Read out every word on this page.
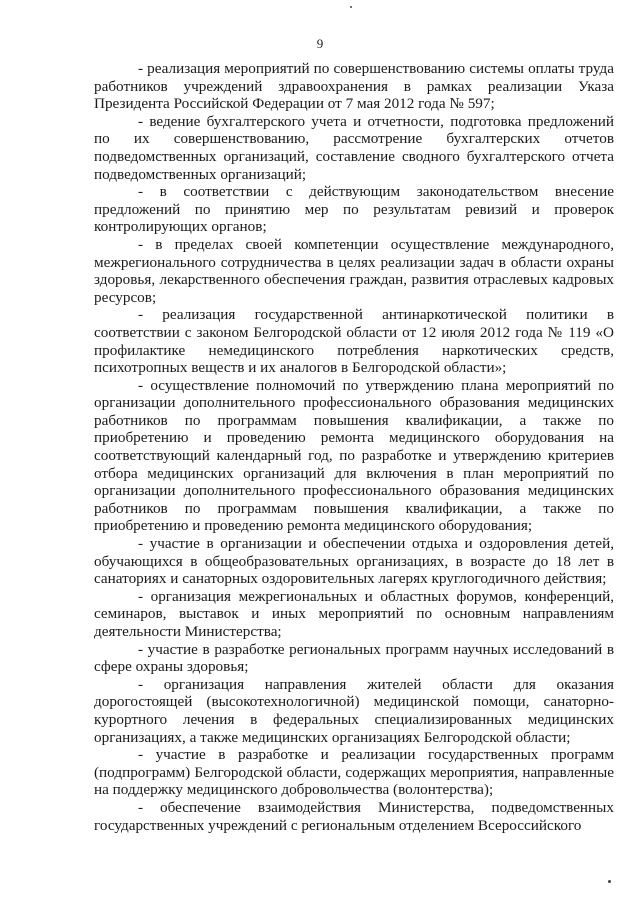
9

- реализация мероприятий по совершенствованию системы оплаты труда работников учреждений здравоохранения в рамках реализации Указа Президента Российской Федерации от 7 мая 2012 года № 597;

- ведение бухгалтерского учета и отчетности, подготовка предложений по их совершенствованию, рассмотрение бухгалтерских отчетов подведомственных организаций, составление сводного бухгалтерского отчета подведомственных организаций;

- в соответствии с действующим законодательством внесение предложений по принятию мер по результатам ревизий и проверок контролирующих органов;

- в пределах своей компетенции осуществление международного, межрегионального сотрудничества в целях реализации задач в области охраны здоровья, лекарственного обеспечения граждан, развития отраслевых кадровых ресурсов;

- реализация государственной антинаркотической политики в соответствии с законом Белгородской области от 12 июля 2012 года № 119 «О профилактике немедицинского потребления наркотических средств, психотропных веществ и их аналогов в Белгородской области»;

- осуществление полномочий по утверждению плана мероприятий по организации дополнительного профессионального образования медицинских работников по программам повышения квалификации, а также по приобретению и проведению ремонта медицинского оборудования на соответствующий календарный год, по разработке и утверждению критериев отбора медицинских организаций для включения в план мероприятий по организации дополнительного профессионального образования медицинских работников по программам повышения квалификации, а также по приобретению и проведению ремонта медицинского оборудования;

- участие в организации и обеспечении отдыха и оздоровления детей, обучающихся в общеобразовательных организациях, в возрасте до 18 лет в санаториях и санаторных оздоровительных лагерях круглогодичного действия;

- организация межрегиональных и областных форумов, конференций, семинаров, выставок и иных мероприятий по основным направлениям деятельности Министерства;

- участие в разработке региональных программ научных исследований в сфере охраны здоровья;

- организация направления жителей области для оказания дорогостоящей (высокотехнологичной) медицинской помощи, санаторно-курортного лечения в федеральных специализированных медицинских организациях, а также медицинских организациях Белгородской области;

- участие в разработке и реализации государственных программ (подпрограмм) Белгородской области, содержащих мероприятия, направленные на поддержку медицинского добровольчества (волонтерства);

- обеспечение взаимодействия Министерства, подведомственных государственных учреждений с региональным отделением Всероссийского
